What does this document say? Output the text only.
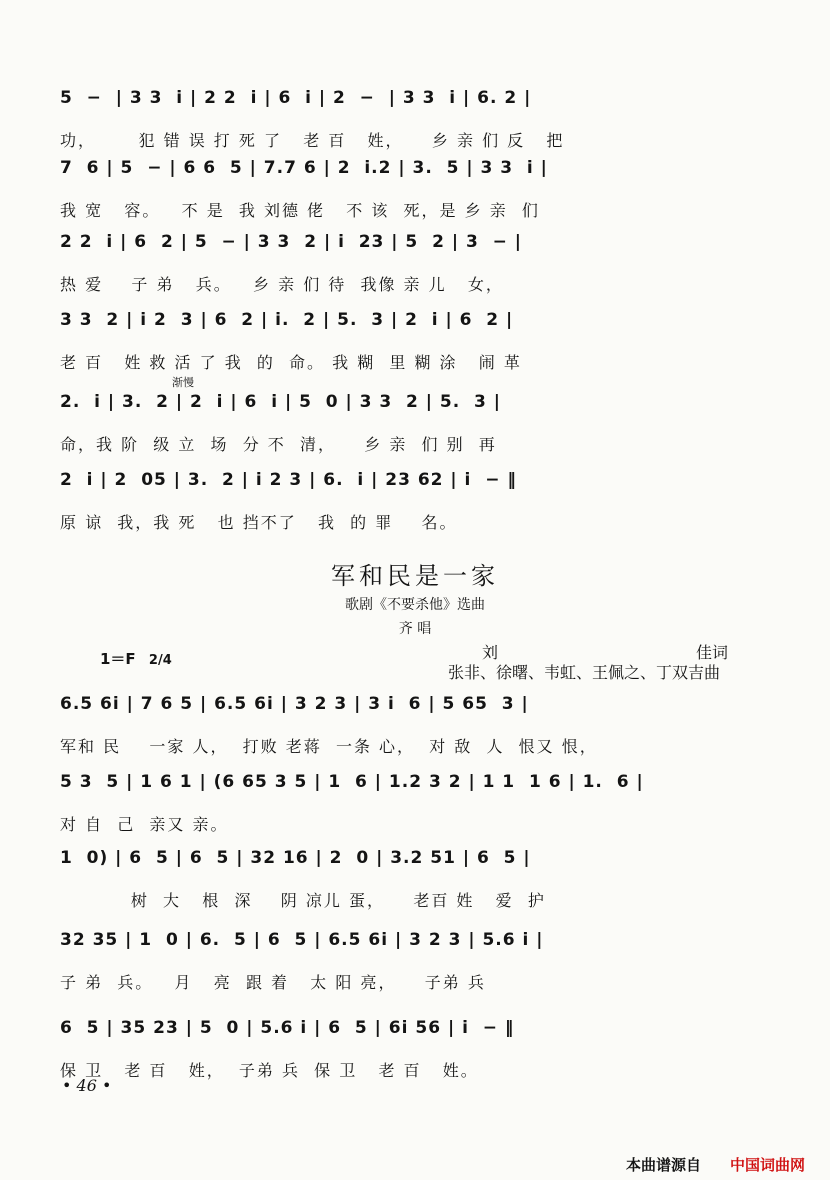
5  −  | 3 3  i | 2 2  i | 6  i | 2  −  | 3 3  i | 6. 2 |
功，      犯 错 误 打 死 了   老 百   姓，    乡 亲 们 反   把
7  6 | 5  − | 6 6  5 | 7.7 6 | 2  i.2 | 3.  5 | 3 3  i |
我 宽   容。   不 是  我 刘德 佬   不 该  死，是 乡 亲  们
2 2  i | 6  2 | 5  − | 3 3  2 | i  23 | 5  2 | 3  − |
热 爱    子 弟   兵。   乡 亲 们 待  我像 亲 儿   女，
3 3  2 | i 2  3 | 6  2 | i.  2 | 5.  3 | 2  i | 6  2 |
老 百   姓 救 活 了 我  的  命。 我 糊  里 糊 涂   闹 革
渐慢
2.  i | 3.  2 | 2  i | 6  i | 5  0 | 3 3  2 | 5.  3 |
命，我 阶  级 立  场  分 不  清，    乡 亲  们 别  再
2  i | 2  05 | 3.  2 | i 2 3 | 6.  i | 23 62 | i  − ‖
原 谅  我，我 死   也 挡不了   我  的 罪    名。
军和民是一家
歌剧《不要杀他》选曲
齐 唱
1＝F 2/4	刘	佳词
张非、徐曙、韦虹、王佩之、丁双吉曲
6.5 6i | 7 6 5 | 6.5 6i | 3 2 3 | 3 i  6 | 5 65  3 |
军和 民    一家 人，  打败 老蒋  一条 心，  对 敌  人  恨又 恨，
5 3  5 | 1 6 1 | (6 65 3 5 | 1  6 | 1.2 3 2 | 1 1  1 6 | 1.  6 |
对 自  己  亲又 亲。
1  0) | 6  5 | 6  5 | 32 16 | 2  0 | 3.2 51 | 6  5 |
树  大   根  深    阴 凉儿 蛋，    老百 姓   爱  护
32 35 | 1  0 | 6.  5 | 6  5 | 6.5 6i | 3 2 3 | 5.6 i |
子 弟  兵。   月   亮  跟 着   太 阳 亮，    子弟 兵
6  5 | 35 23 | 5  0 | 5.6 i | 6  5 | 6i 56 | i  − ‖
保 卫   老 百   姓，  子弟 兵  保 卫   老 百   姓。
• 46 •
本曲谱源自 中国词曲网
